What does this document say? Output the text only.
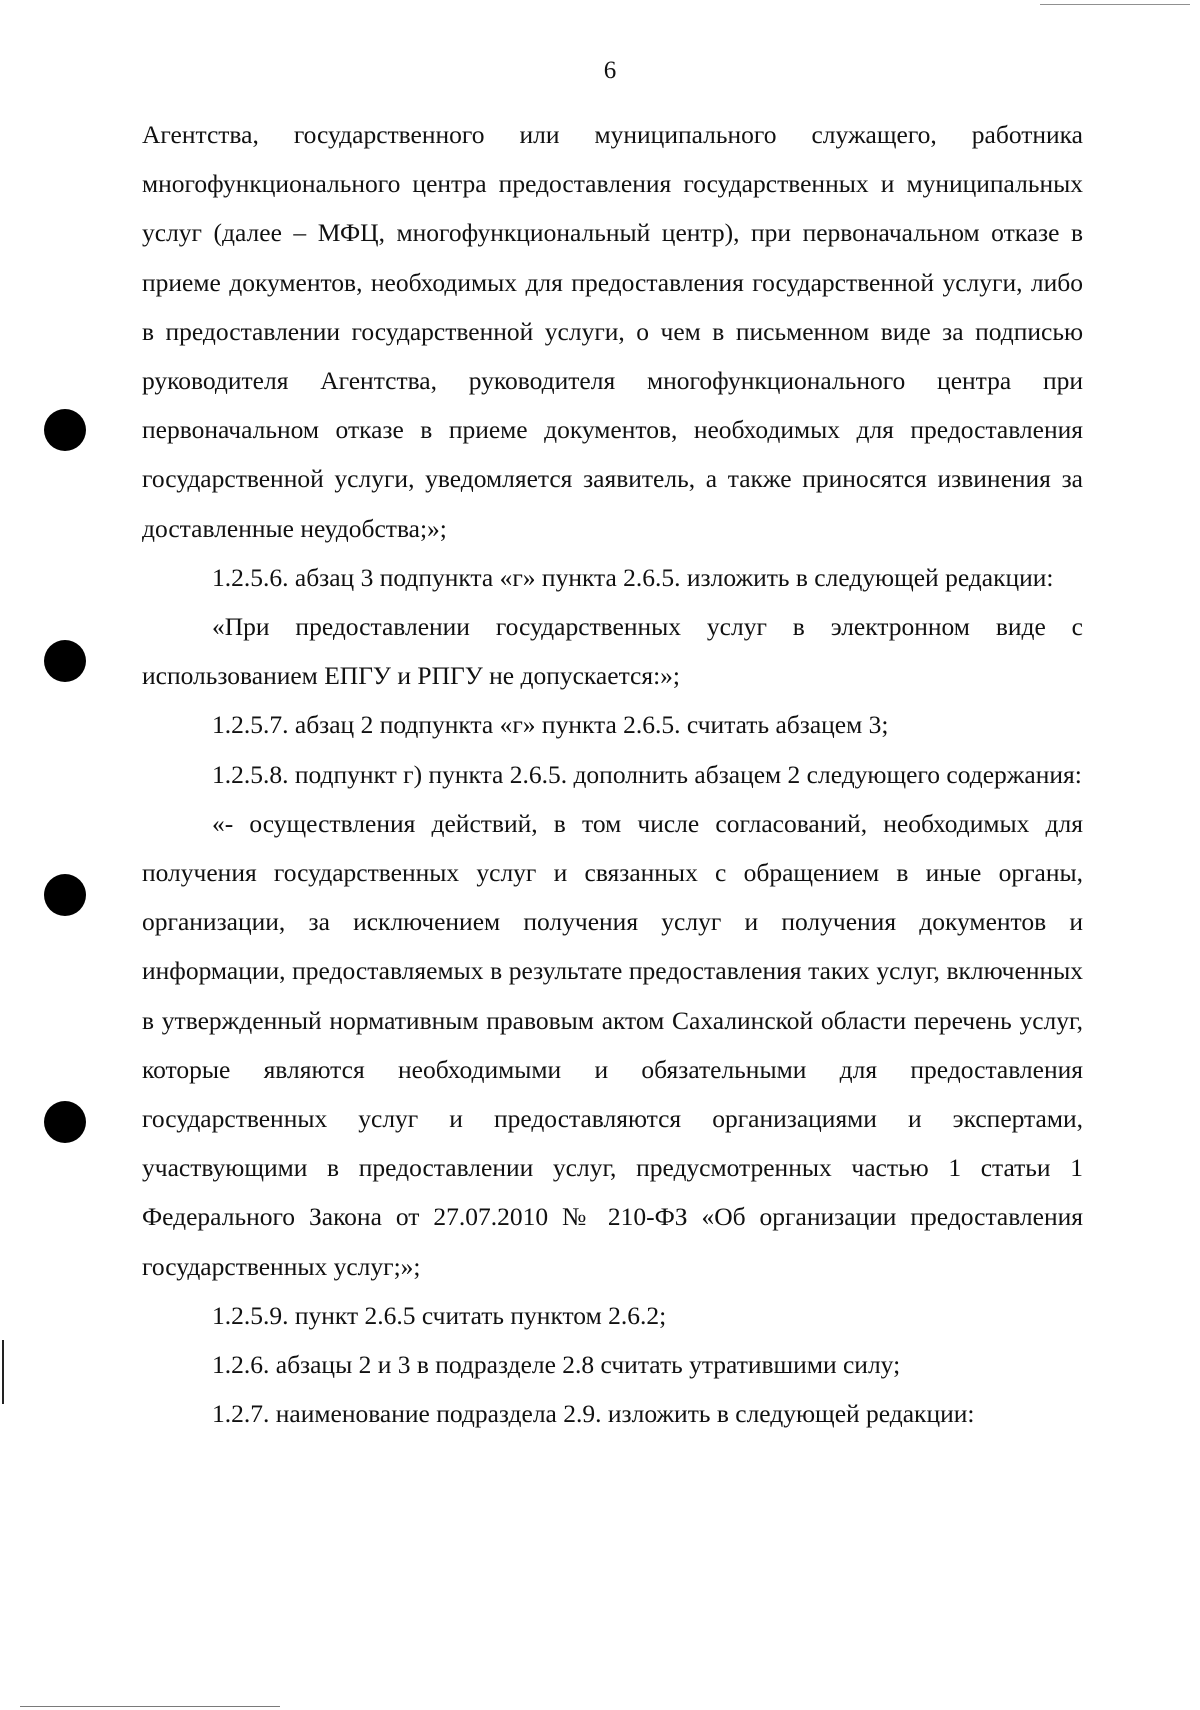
6

Агентства, государственного или муниципального служащего, работника многофункционального центра предоставления государственных и муниципальных услуг (далее – МФЦ, многофункциональный центр), при первоначальном отказе в приеме документов, необходимых для предоставления государственной услуги, либо в предоставлении государственной услуги, о чем в письменном виде за подписью руководителя Агентства, руководителя многофункционального центра при первоначальном отказе в приеме документов, необходимых для предоставления государственной услуги, уведомляется заявитель, а также приносятся извинения за доставленные неудобства;»;

1.2.5.6. абзац 3 подпункта «г» пункта 2.6.5. изложить в следующей редакции:

«При предоставлении государственных услуг в электронном виде с использованием ЕПГУ и РПГУ не допускается:»;

1.2.5.7. абзац 2 подпункта «г» пункта 2.6.5. считать абзацем 3;

1.2.5.8. подпункт г) пункта 2.6.5. дополнить абзацем 2 следующего содержания:

«- осуществления действий, в том числе согласований, необходимых для получения государственных услуг и связанных с обращением в иные органы, организации, за исключением получения услуг и получения документов и информации, предоставляемых в результате предоставления таких услуг, включенных в утвержденный нормативным правовым актом Сахалинской области перечень услуг, которые являются необходимыми и обязательными для предоставления государственных услуг и предоставляются организациями и экспертами, участвующими в предоставлении услуг, предусмотренных частью 1 статьи 1 Федерального Закона от 27.07.2010 № 210-ФЗ «Об организации предоставления государственных услуг;»;

1.2.5.9. пункт 2.6.5 считать пунктом 2.6.2;

1.2.6. абзацы 2 и 3 в подразделе 2.8 считать утратившими силу;

1.2.7. наименование подраздела 2.9. изложить в следующей редакции:
